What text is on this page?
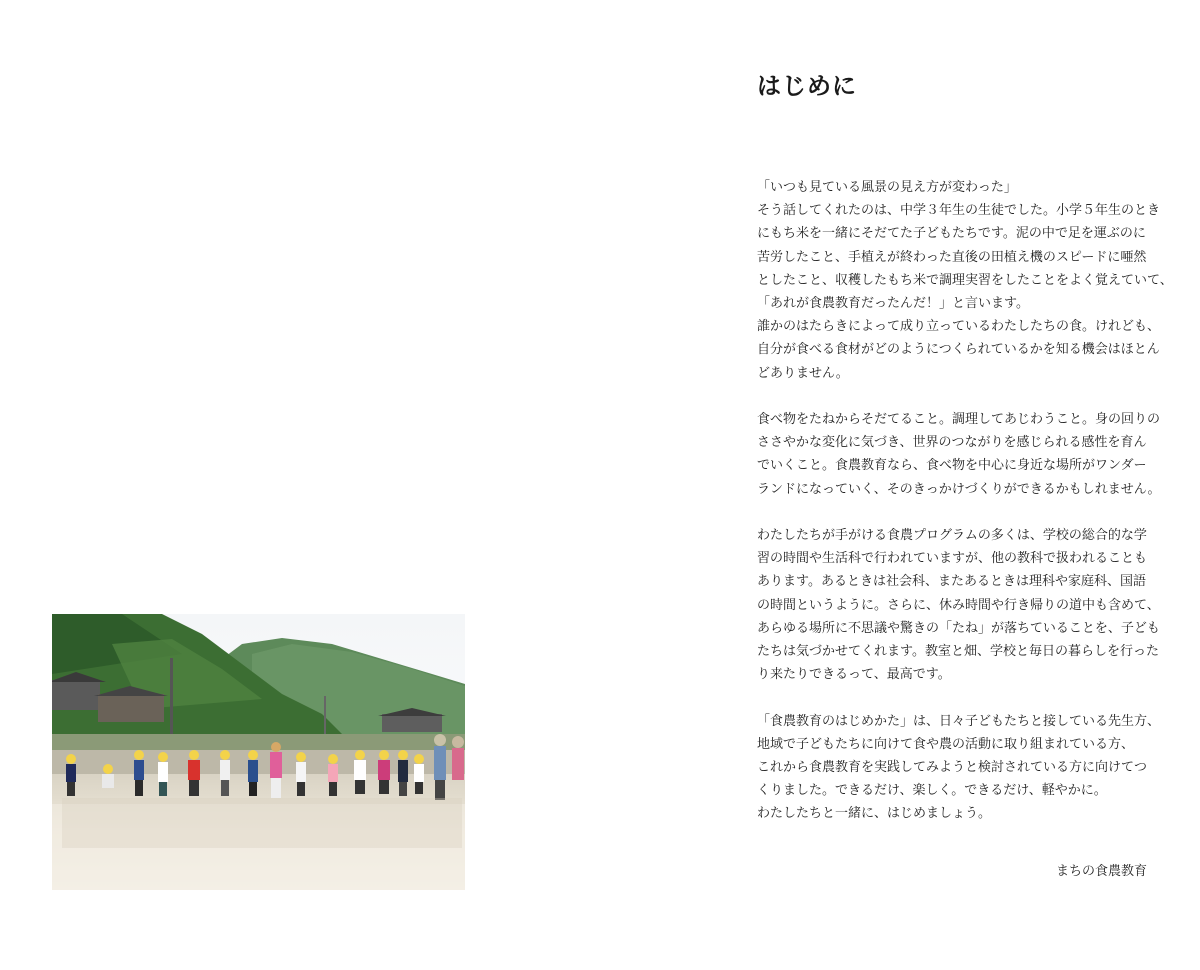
はじめに

「いつも見ている風景の見え方が変わった」
そう話してくれたのは、中学３年生の生徒でした。小学５年生のとき
にもち米を一緒にそだてた子どもたちです。泥の中で足を運ぶのに
苦労したこと、手植えが終わった直後の田植え機のスピードに唖然
としたこと、収穫したもち米で調理実習をしたことをよく覚えていて、
「あれが食農教育だったんだ！」と言います。
誰かのはたらきによって成り立っているわたしたちの食。けれども、
自分が食べる食材がどのようにつくられているかを知る機会はほとん
どありません。

食べ物をたねからそだてること。調理してあじわうこと。身の回りの
ささやかな変化に気づき、世界のつながりを感じられる感性を育ん
でいくこと。食農教育なら、食べ物を中心に身近な場所がワンダー
ランドになっていく、そのきっかけづくりができるかもしれません。

わたしたちが手がける食農プログラムの多くは、学校の総合的な学
習の時間や生活科で行われていますが、他の教科で扱われることも
あります。あるときは社会科、またあるときは理科や家庭科、国語
の時間というように。さらに、休み時間や行き帰りの道中も含めて、
あらゆる場所に不思議や驚きの「たね」が落ちていることを、子ども
たちは気づかせてくれます。教室と畑、学校と毎日の暮らしを行った
り来たりできるって、最高です。

「食農教育のはじめかた」は、日々子どもたちと接している先生方、
地域で子どもたちに向けて食や農の活動に取り組まれている方、
これから食農教育を実践してみようと検討されている方に向けてつ
くりました。できるだけ、楽しく。できるだけ、軽やかに。
わたしたちと一緒に、はじめましょう。

まちの食農教育
